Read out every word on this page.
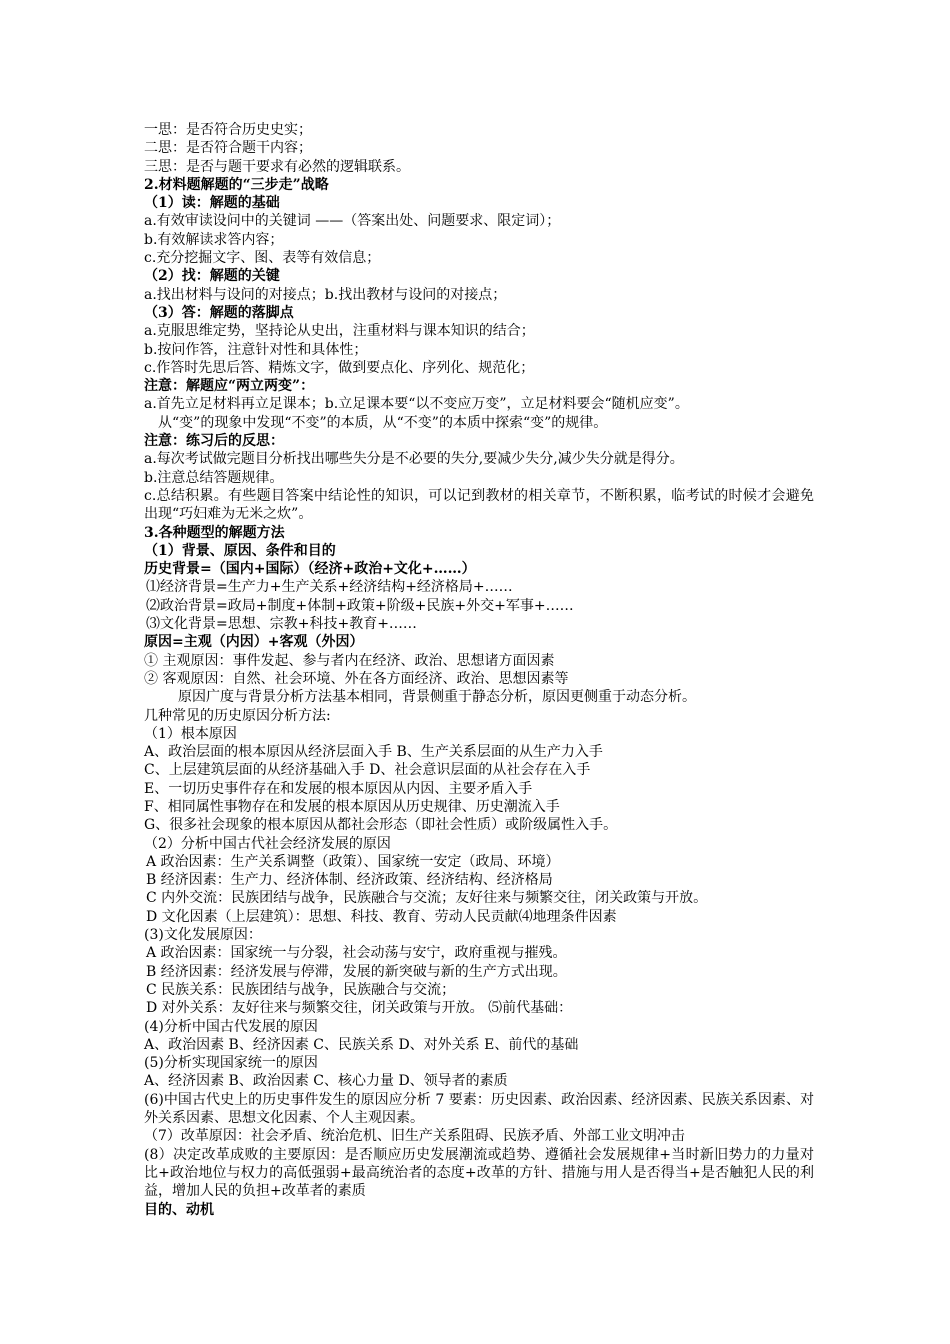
一思：是否符合历史史实；
二思：是否符合题干内容；
三思：是否与题干要求有必然的逻辑联系。
2.材料题解题的“三步走”战略
（1）读：解题的基础
a.有效审读设问中的关键词 ——（答案出处、问题要求、限定词）；
b.有效解读求答内容；
c.充分挖掘文字、图、表等有效信息；
（2）找：解题的关键
a.找出材料与设问的对接点；b.找出教材与设问的对接点；
（3）答：解题的落脚点
a.克服思维定势，坚持论从史出，注重材料与课本知识的结合；
b.按问作答，注意针对性和具体性；
c.作答时先思后答、精炼文字，做到要点化、序列化、规范化；
注意：解题应“两立两变”：
a.首先立足材料再立足课本；b.立足课本要“以不变应万变”，立足材料要会“随机应变”。
从“变”的现象中发现“不变”的本质，从“不变”的本质中探索“变”的规律。
注意：练习后的反思：
a.每次考试做完题目分析找出哪些失分是不必要的失分,要减少失分,减少失分就是得分。
b.注意总结答题规律。
c.总结积累。有些题目答案中结论性的知识，可以记到教材的相关章节，不断积累，临考试的时候才会避免出现“巧妇难为无米之炊”。
3.各种题型的解题方法
（1）背景、原因、条件和目的
历史背景=（国内+国际）（经济+政治+文化+……）
⑴经济背景=生产力+生产关系+经济结构+经济格局+……
⑵政治背景=政局+制度+体制+政策+阶级+民族+外交+军事+……
⑶文化背景=思想、宗教+科技+教育+……
原因=主观（内因）+客观（外因）
① 主观原因：事件发起、参与者内在经济、政治、思想诸方面因素
② 客观原因：自然、社会环境、外在各方面经济、政治、思想因素等
原因广度与背景分析方法基本相同，背景侧重于静态分析，原因更侧重于动态分析。
几种常见的历史原因分析方法:
（1）根本原因
A、政治层面的根本原因从经济层面入手 B、生产关系层面的从生产力入手
C、上层建筑层面的从经济基础入手 D、社会意识层面的从社会存在入手
E、一切历史事件存在和发展的根本原因从内因、主要矛盾入手
F、相同属性事物存在和发展的根本原因从历史规律、历史潮流入手
G、很多社会现象的根本原因从都社会形态（即社会性质）或阶级属性入手。
（2）分析中国古代社会经济发展的原因
A 政治因素：生产关系调整（政策）、国家统一安定（政局、环境）
B 经济因素：生产力、经济体制、经济政策、经济结构、经济格局
C 内外交流：民族团结与战争，民族融合与交流；友好往来与频繁交往，闭关政策与开放。
D 文化因素（上层建筑）：思想、科技、教育、劳动人民贡献⑷地理条件因素
(3)文化发展原因：
A 政治因素：国家统一与分裂，社会动荡与安宁，政府重视与摧残。
B 经济因素：经济发展与停滞，发展的新突破与新的生产方式出现。
C 民族关系：民族团结与战争，民族融合与交流；
D 对外关系：友好往来与频繁交往，闭关政策与开放。 ⑸前代基础：
(4)分析中国古代发展的原因
A、政治因素 B、经济因素 C、民族关系 D、对外关系 E、前代的基础
(5)分析实现国家统一的原因
A、经济因素 B、政治因素 C、核心力量 D、领导者的素质
(6)中国古代史上的历史事件发生的原因应分析 7 要素：历史因素、政治因素、经济因素、民族关系因素、对外关系因素、思想文化因素、个人主观因素。
（7）改革原因：社会矛盾、统治危机、旧生产关系阻碍、民族矛盾、外部工业文明冲击
(8）决定改革成败的主要原因：是否顺应历史发展潮流或趋势、遵循社会发展规律+当时新旧势力的力量对比+政治地位与权力的高低强弱+最高统治者的态度+改革的方针、措施与用人是否得当+是否触犯人民的利益，增加人民的负担+改革者的素质
目的、动机
